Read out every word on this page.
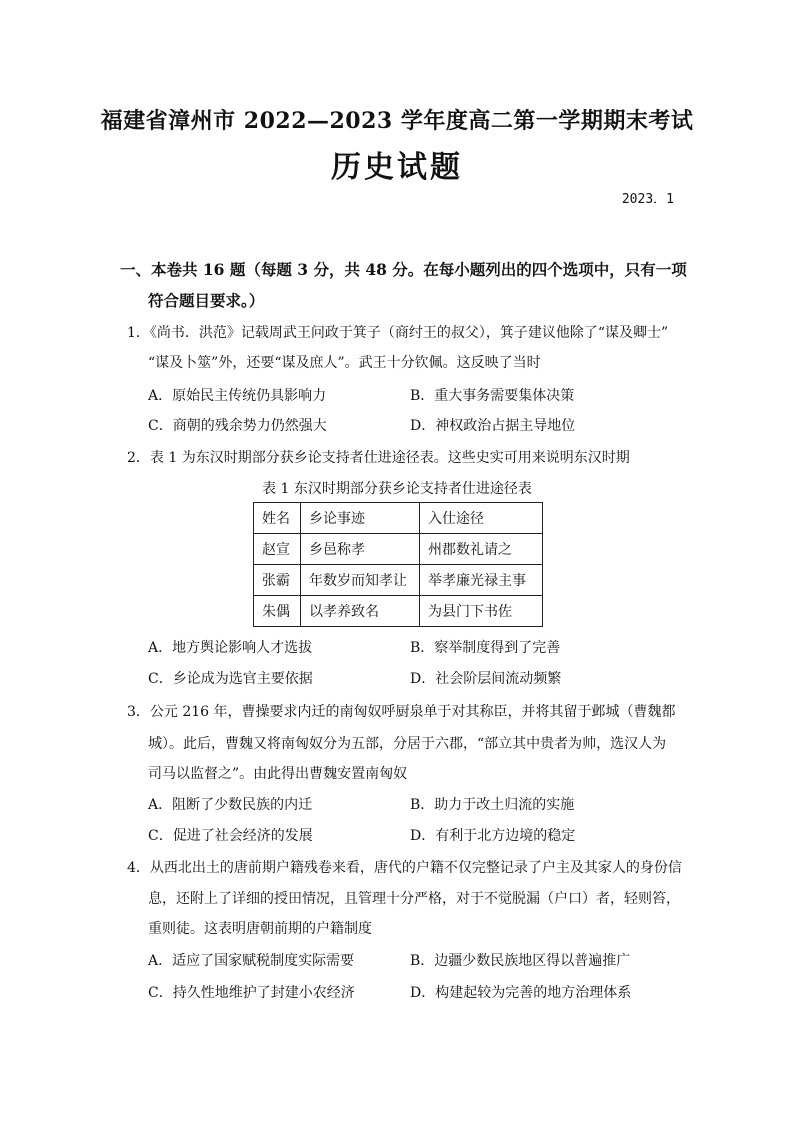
福建省漳州市 2022—2023 学年度高二第一学期期末考试
历史试题
2023．1
一、本卷共 16 题（每题 3 分，共 48 分。在每小题列出的四个选项中，只有一项
符合题目要求。）
1．《尚书．洪范》记载周武王问政于箕子（商纣王的叔父），箕子建议他除了“谋及卿士”
“谋及卜筮”外，还要“谋及庶人”。武王十分钦佩。这反映了当时
A．原始民主传统仍具影响力	B．重大事务需要集体决策
C．商朝的残余势力仍然强大	D．神权政治占据主导地位
2．表 1 为东汉时期部分获乡论支持者仕进途径表。这些史实可用来说明东汉时期
表 1 东汉时期部分获乡论支持者仕进途径表
姓名	乡论事迹	入仕途径
赵宣	乡邑称孝	州郡数礼请之
张霸	年数岁而知孝让	举孝廉光禄主事
朱偶	以孝养致名	为县门下书佐
A．地方舆论影响人才选拔	B．察举制度得到了完善
C．乡论成为选官主要依据	D．社会阶层间流动频繁
3．公元 216 年，曹操要求内迁的南匈奴呼厨泉单于对其称臣，并将其留于邺城（曹魏都
城）。此后，曹魏又将南匈奴分为五部，分居于六郡，“部立其中贵者为帅，选汉人为
司马以监督之”。由此得出曹魏安置南匈奴
A．阻断了少数民族的内迁	B．助力于改土归流的实施
C．促进了社会经济的发展	D．有利于北方边境的稳定
4．从西北出土的唐前期户籍残卷来看，唐代的户籍不仅完整记录了户主及其家人的身份信
息，还附上了详细的授田情况，且管理十分严格，对于不觉脱漏（户口）者，轻则笞，
重则徒。这表明唐朝前期的户籍制度
A．适应了国家赋税制度实际需要	B．边疆少数民族地区得以普遍推广
C．持久性地维护了封建小农经济	D．构建起较为完善的地方治理体系
